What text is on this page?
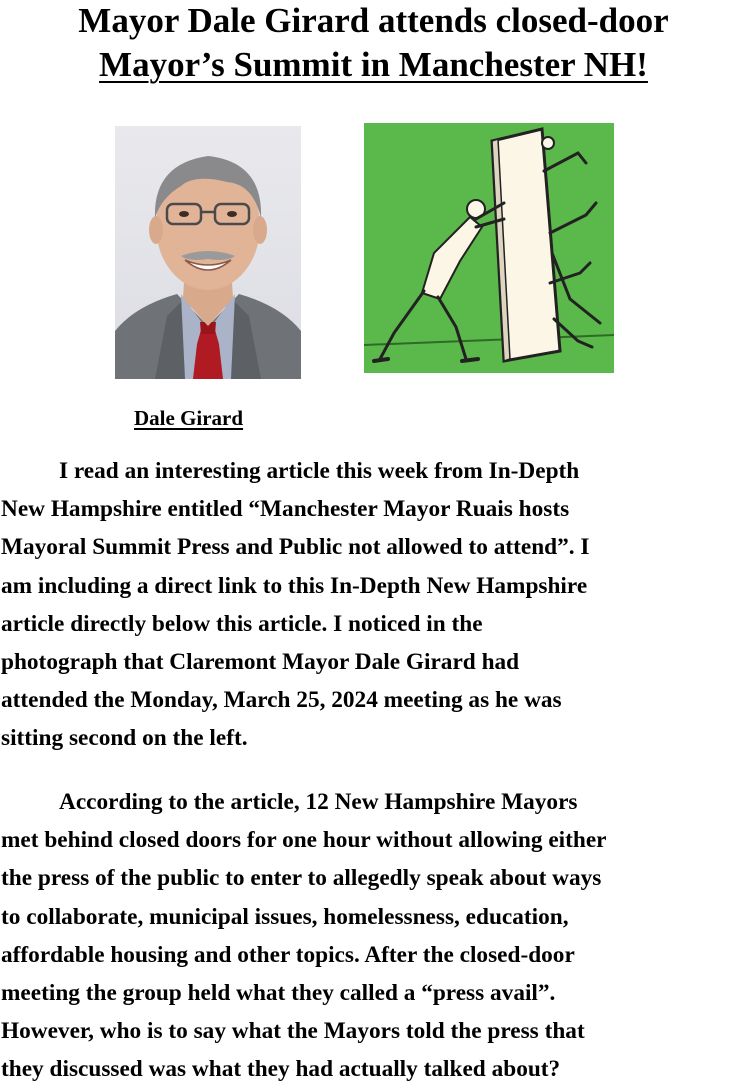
Mayor Dale Girard attends closed-door
Mayor’s Summit in Manchester NH!
Dale Girard

I read an interesting article this week from In-Depth
New Hampshire entitled “Manchester Mayor Ruais hosts
Mayoral Summit Press and Public not allowed to attend”. I
am including a direct link to this In-Depth New Hampshire
article directly below this article. I noticed in the
photograph that Claremont Mayor Dale Girard had
attended the Monday, March 25, 2024 meeting as he was
sitting second on the left.

According to the article, 12 New Hampshire Mayors
met behind closed doors for one hour without allowing either
the press of the public to enter to allegedly speak about ways
to collaborate, municipal issues, homelessness, education,
affordable housing and other topics. After the closed-door
meeting the group held what they called a “press avail”.
However, who is to say what the Mayors told the press that
they discussed was what they had actually talked about?
